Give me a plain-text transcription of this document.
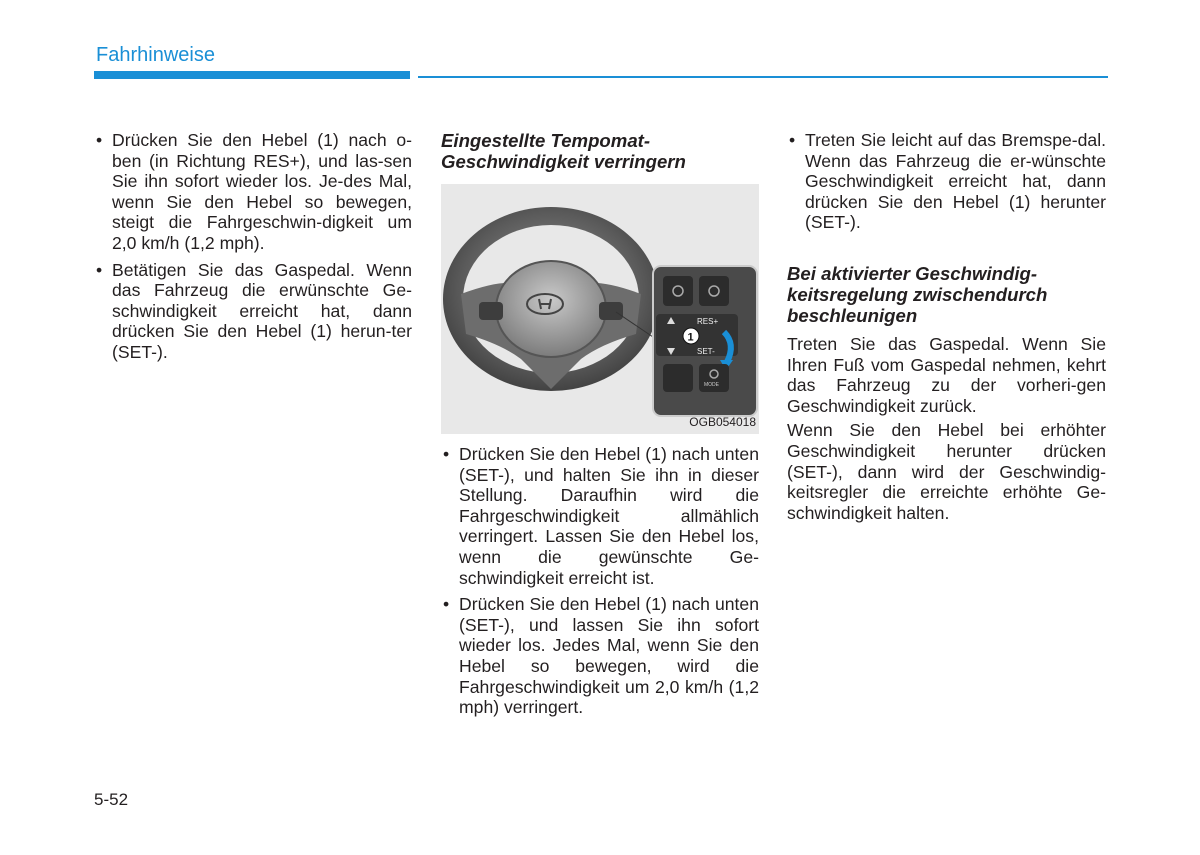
Fahrhinweise
• Drücken Sie den Hebel (1) nach o-ben (in Richtung RES+), und las-sen Sie ihn sofort wieder los. Je-des Mal, wenn Sie den Hebel so bewegen, steigt die Fahrgeschwin-digkeit um 2,0 km/h (1,2 mph).
• Betätigen Sie das Gaspedal. Wenn das Fahrzeug die erwünschte Ge-schwindigkeit erreicht hat, dann drücken Sie den Hebel (1) herun-ter (SET-).
Eingestellte Tempomat-Geschwindigkeit verringern
RES+
SET-
1
MODE
OGB054018
• Drücken Sie den Hebel (1) nach unten (SET-), und halten Sie ihn in dieser Stellung. Daraufhin wird die Fahrgeschwindigkeit allmählich verringert. Lassen Sie den Hebel los, wenn die gewünschte Ge-schwindigkeit erreicht ist.
• Drücken Sie den Hebel (1) nach unten (SET-), und lassen Sie ihn sofort wieder los. Jedes Mal, wenn Sie den Hebel so bewegen, wird die Fahrgeschwindigkeit um 2,0 km/h (1,2 mph) verringert.
• Treten Sie leicht auf das Bremspe-dal. Wenn das Fahrzeug die er-wünschte Geschwindigkeit erreicht hat, dann drücken Sie den Hebel (1) herunter (SET-).
Bei aktivierter Geschwindig-keitsregelung zwischendurch beschleunigen

Treten Sie das Gaspedal. Wenn Sie Ihren Fuß vom Gaspedal nehmen, kehrt das Fahrzeug zu der vorheri-gen Geschwindigkeit zurück.

Wenn Sie den Hebel bei erhöhter Geschwindigkeit herunter drücken (SET-), dann wird der Geschwindig-keitsregler die erreichte erhöhte Ge-schwindigkeit halten.

5-52
